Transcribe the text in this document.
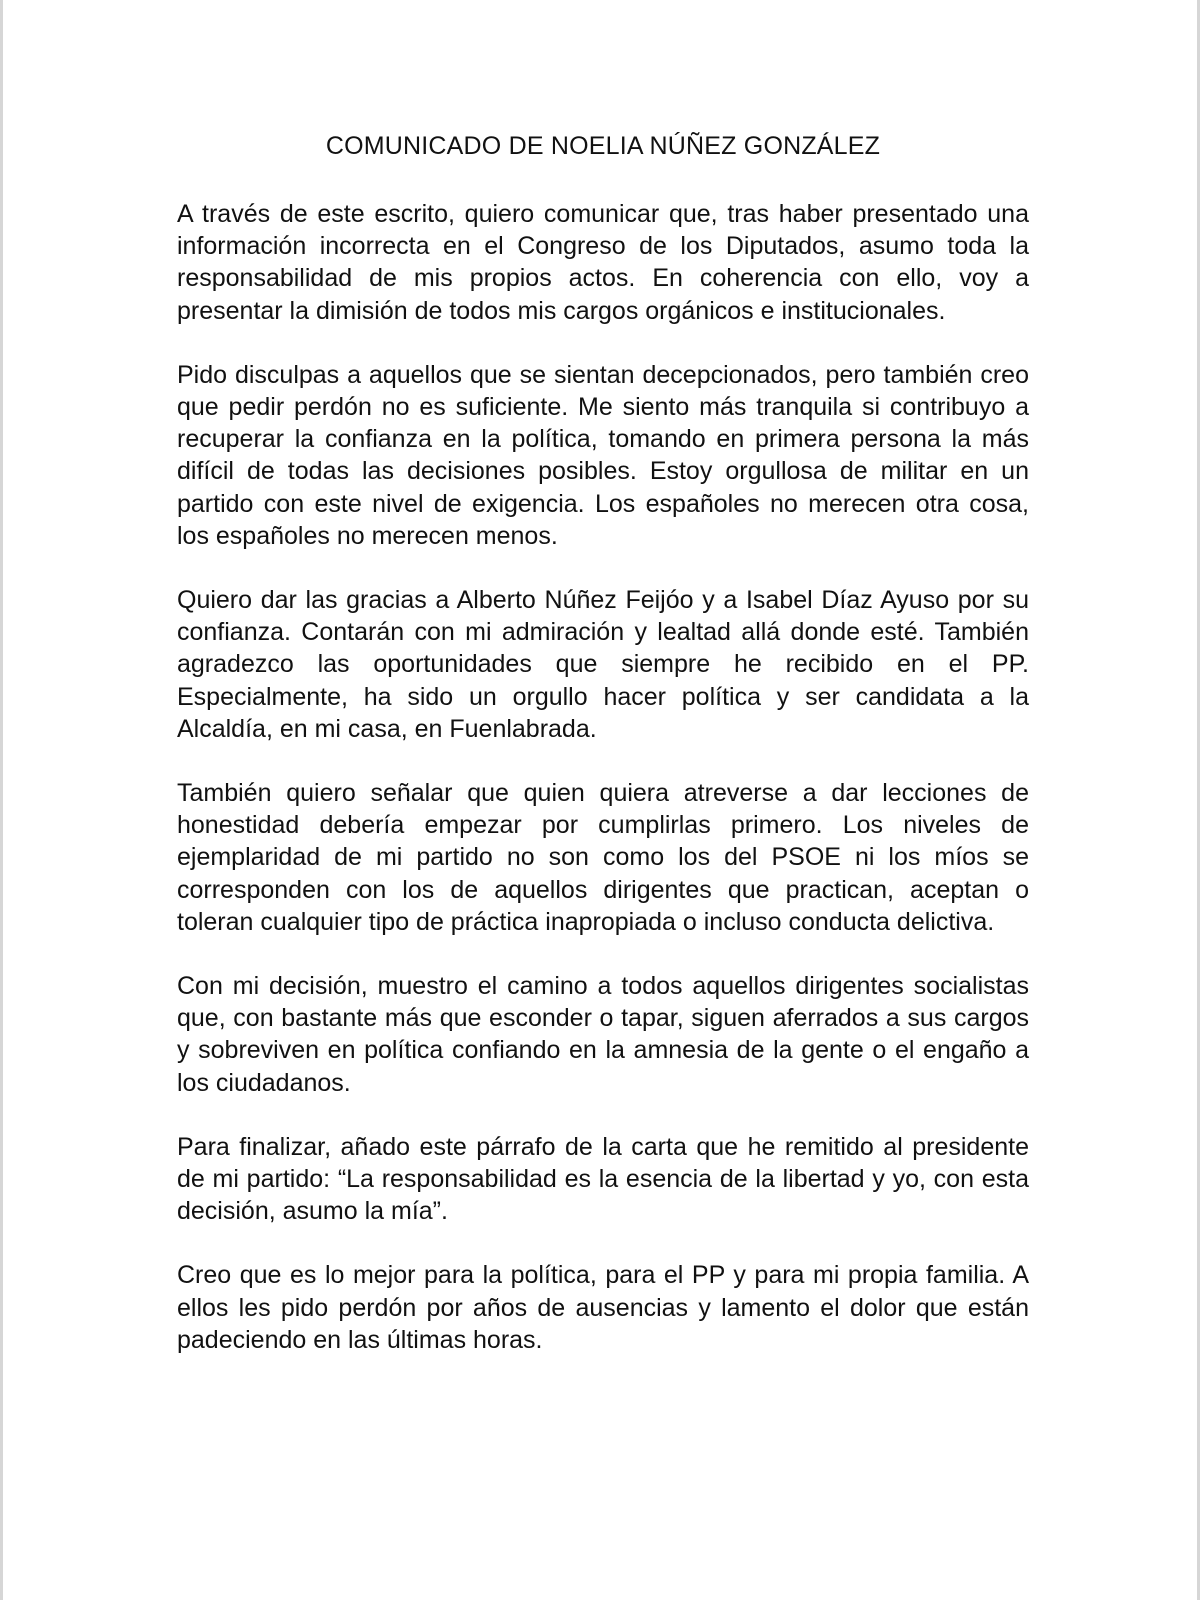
COMUNICADO DE NOELIA NÚÑEZ GONZÁLEZ

A través de este escrito, quiero comunicar que, tras haber presentado una información incorrecta en el Congreso de los Diputados, asumo toda la responsabilidad de mis propios actos. En coherencia con ello, voy a presentar la dimisión de todos mis cargos orgánicos e institucionales.

Pido disculpas a aquellos que se sientan decepcionados, pero también creo que pedir perdón no es suficiente. Me siento más tranquila si contribuyo a recuperar la confianza en la política, tomando en primera persona la más difícil de todas las decisiones posibles. Estoy orgullosa de militar en un partido con este nivel de exigencia. Los españoles no merecen otra cosa, los españoles no merecen menos.

Quiero dar las gracias a Alberto Núñez Feijóo y a Isabel Díaz Ayuso por su confianza. Contarán con mi admiración y lealtad allá donde esté. También agradezco las oportunidades que siempre he recibido en el PP. Especialmente, ha sido un orgullo hacer política y ser candidata a la Alcaldía, en mi casa, en Fuenlabrada.

También quiero señalar que quien quiera atreverse a dar lecciones de honestidad debería empezar por cumplirlas primero. Los niveles de ejemplaridad de mi partido no son como los del PSOE ni los míos se corresponden con los de aquellos dirigentes que practican, aceptan o toleran cualquier tipo de práctica inapropiada o incluso conducta delictiva.

Con mi decisión, muestro el camino a todos aquellos dirigentes socialistas que, con bastante más que esconder o tapar, siguen aferrados a sus cargos y sobreviven en política confiando en la amnesia de la gente o el engaño a los ciudadanos.

Para finalizar, añado este párrafo de la carta que he remitido al presidente de mi partido: “La responsabilidad es la esencia de la libertad y yo, con esta decisión, asumo la mía”.

Creo que es lo mejor para la política, para el PP y para mi propia familia. A ellos les pido perdón por años de ausencias y lamento el dolor que están padeciendo en las últimas horas.
